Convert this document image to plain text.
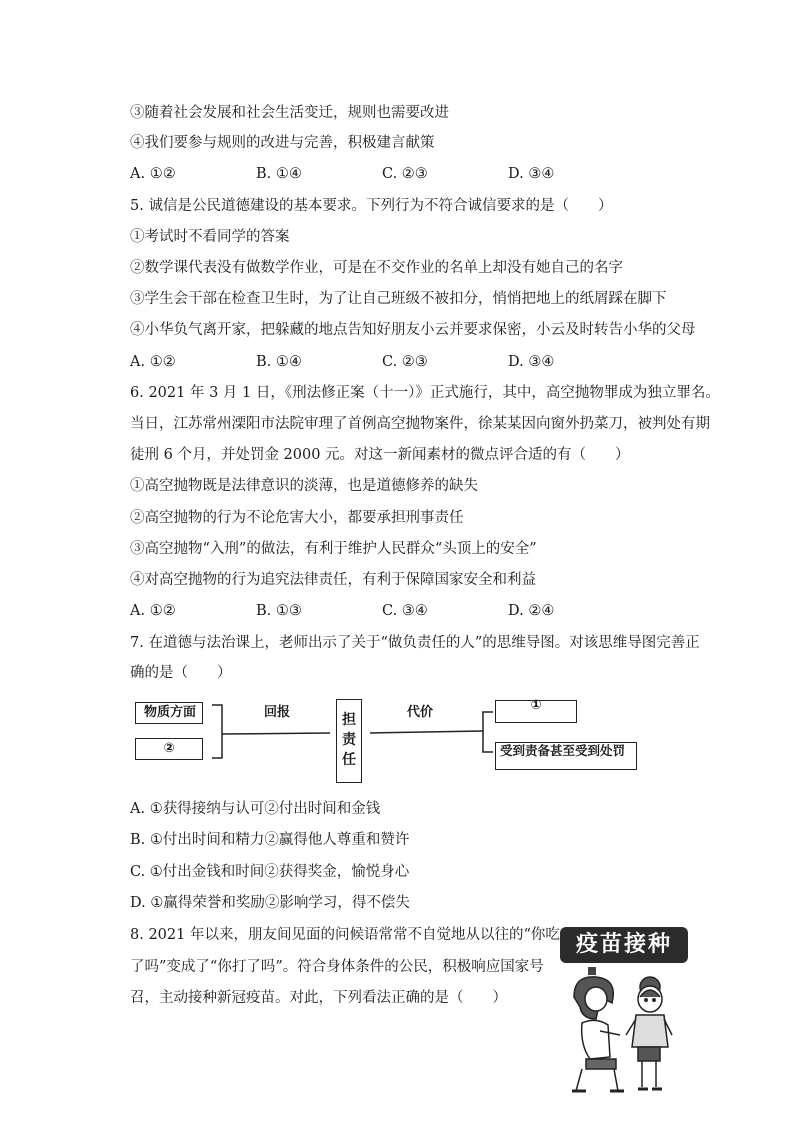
③随着社会发展和社会生活变迁，规则也需要改进
④我们要参与规则的改进与完善，积极建言献策
A. ①②	B. ①④	C. ②③	D. ③④
5. 诚信是公民道德建设的基本要求。下列行为不符合诚信要求的是（　　）
①考试时不看同学的答案
②数学课代表没有做数学作业，可是在不交作业的名单上却没有她自己的名字
③学生会干部在检查卫生时，为了让自己班级不被扣分，悄悄把地上的纸屑踩在脚下
④小华负气离开家，把躲藏的地点告知好朋友小云并要求保密，小云及时转告小华的父母
A. ①②	B. ①④	C. ②③	D. ③④
6. 2021 年 3 月 1 日，《刑法修正案（十一）》正式施行，其中，高空抛物罪成为独立罪名。
当日，江苏常州溧阳市法院审理了首例高空抛物案件，徐某某因向窗外扔菜刀，被判处有期
徒刑 6 个月，并处罚金 2000 元。对这一新闻素材的微点评合适的有（　　）
①高空抛物既是法律意识的淡薄，也是道德修养的缺失
②高空抛物的行为不论危害大小，都要承担刑事责任
③高空抛物“入刑”的做法，有利于维护人民群众“头顶上的安全”
④对高空抛物的行为追究法律责任，有利于保障国家安全和利益
A. ①②	B. ①③	C. ③④	D. ②④
7. 在道德与法治课上，老师出示了关于“做负责任的人”的思维导图。对该思维导图完善正
确的是（　　）
物质方面
②
回报	担责任
代价	①
受到责备甚至受到处罚
A. ①获得接纳与认可②付出时间和金钱
B. ①付出时间和精力②赢得他人尊重和赞许
C. ①付出金钱和时间②获得奖金，愉悦身心
D. ①赢得荣誉和奖励②影响学习，得不偿失
8. 2021 年以来，朋友间见面的问候语常常不自觉地从以往的“你吃
了吗”变成了“你打了吗”。符合身体条件的公民，积极响应国家号
召，主动接种新冠疫苗。对此，下列看法正确的是（　　）
疫苗接种
